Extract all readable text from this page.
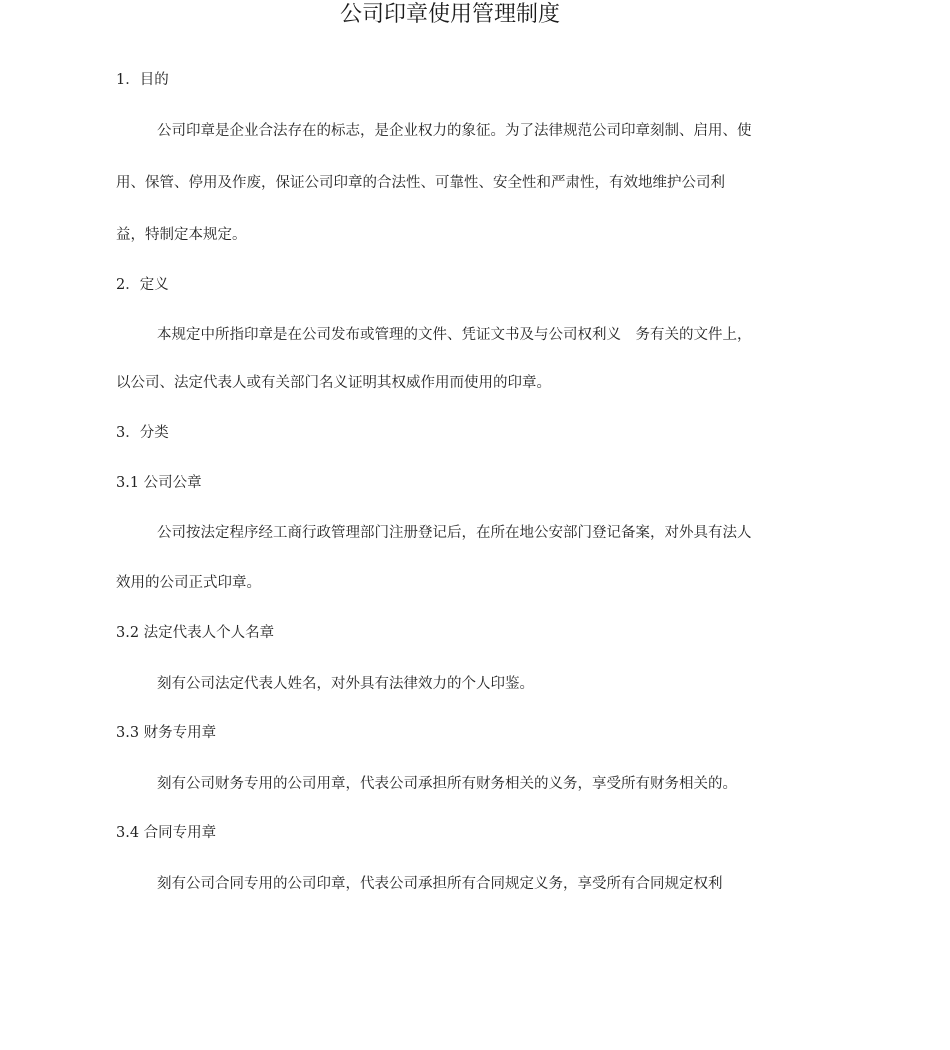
公司印章使用管理制度
1．目的
公司印章是企业合法存在的标志，是企业权力的象征。为了法律规范公司印章刻制、启用、使
用、保管、停用及作废，保证公司印章的合法性、可靠性、安全性和严肃性，有效地维护公司利
益，特制定本规定。
2．定义
本规定中所指印章是在公司发布或管理的文件、凭证文书及与公司权利义　务有关的文件上，
以公司、法定代表人或有关部门名义证明其权威作用而使用的印章。
3．分类
3.1 公司公章
公司按法定程序经工商行政管理部门注册登记后，在所在地公安部门登记备案，对外具有法人
效用的公司正式印章。
3.2 法定代表人个人名章
刻有公司法定代表人姓名，对外具有法律效力的个人印鉴。
3.3 财务专用章
刻有公司财务专用的公司用章，代表公司承担所有财务相关的义务，享受所有财务相关的。
3.4 合同专用章
刻有公司合同专用的公司印章，代表公司承担所有合同规定义务，享受所有合同规定权利
